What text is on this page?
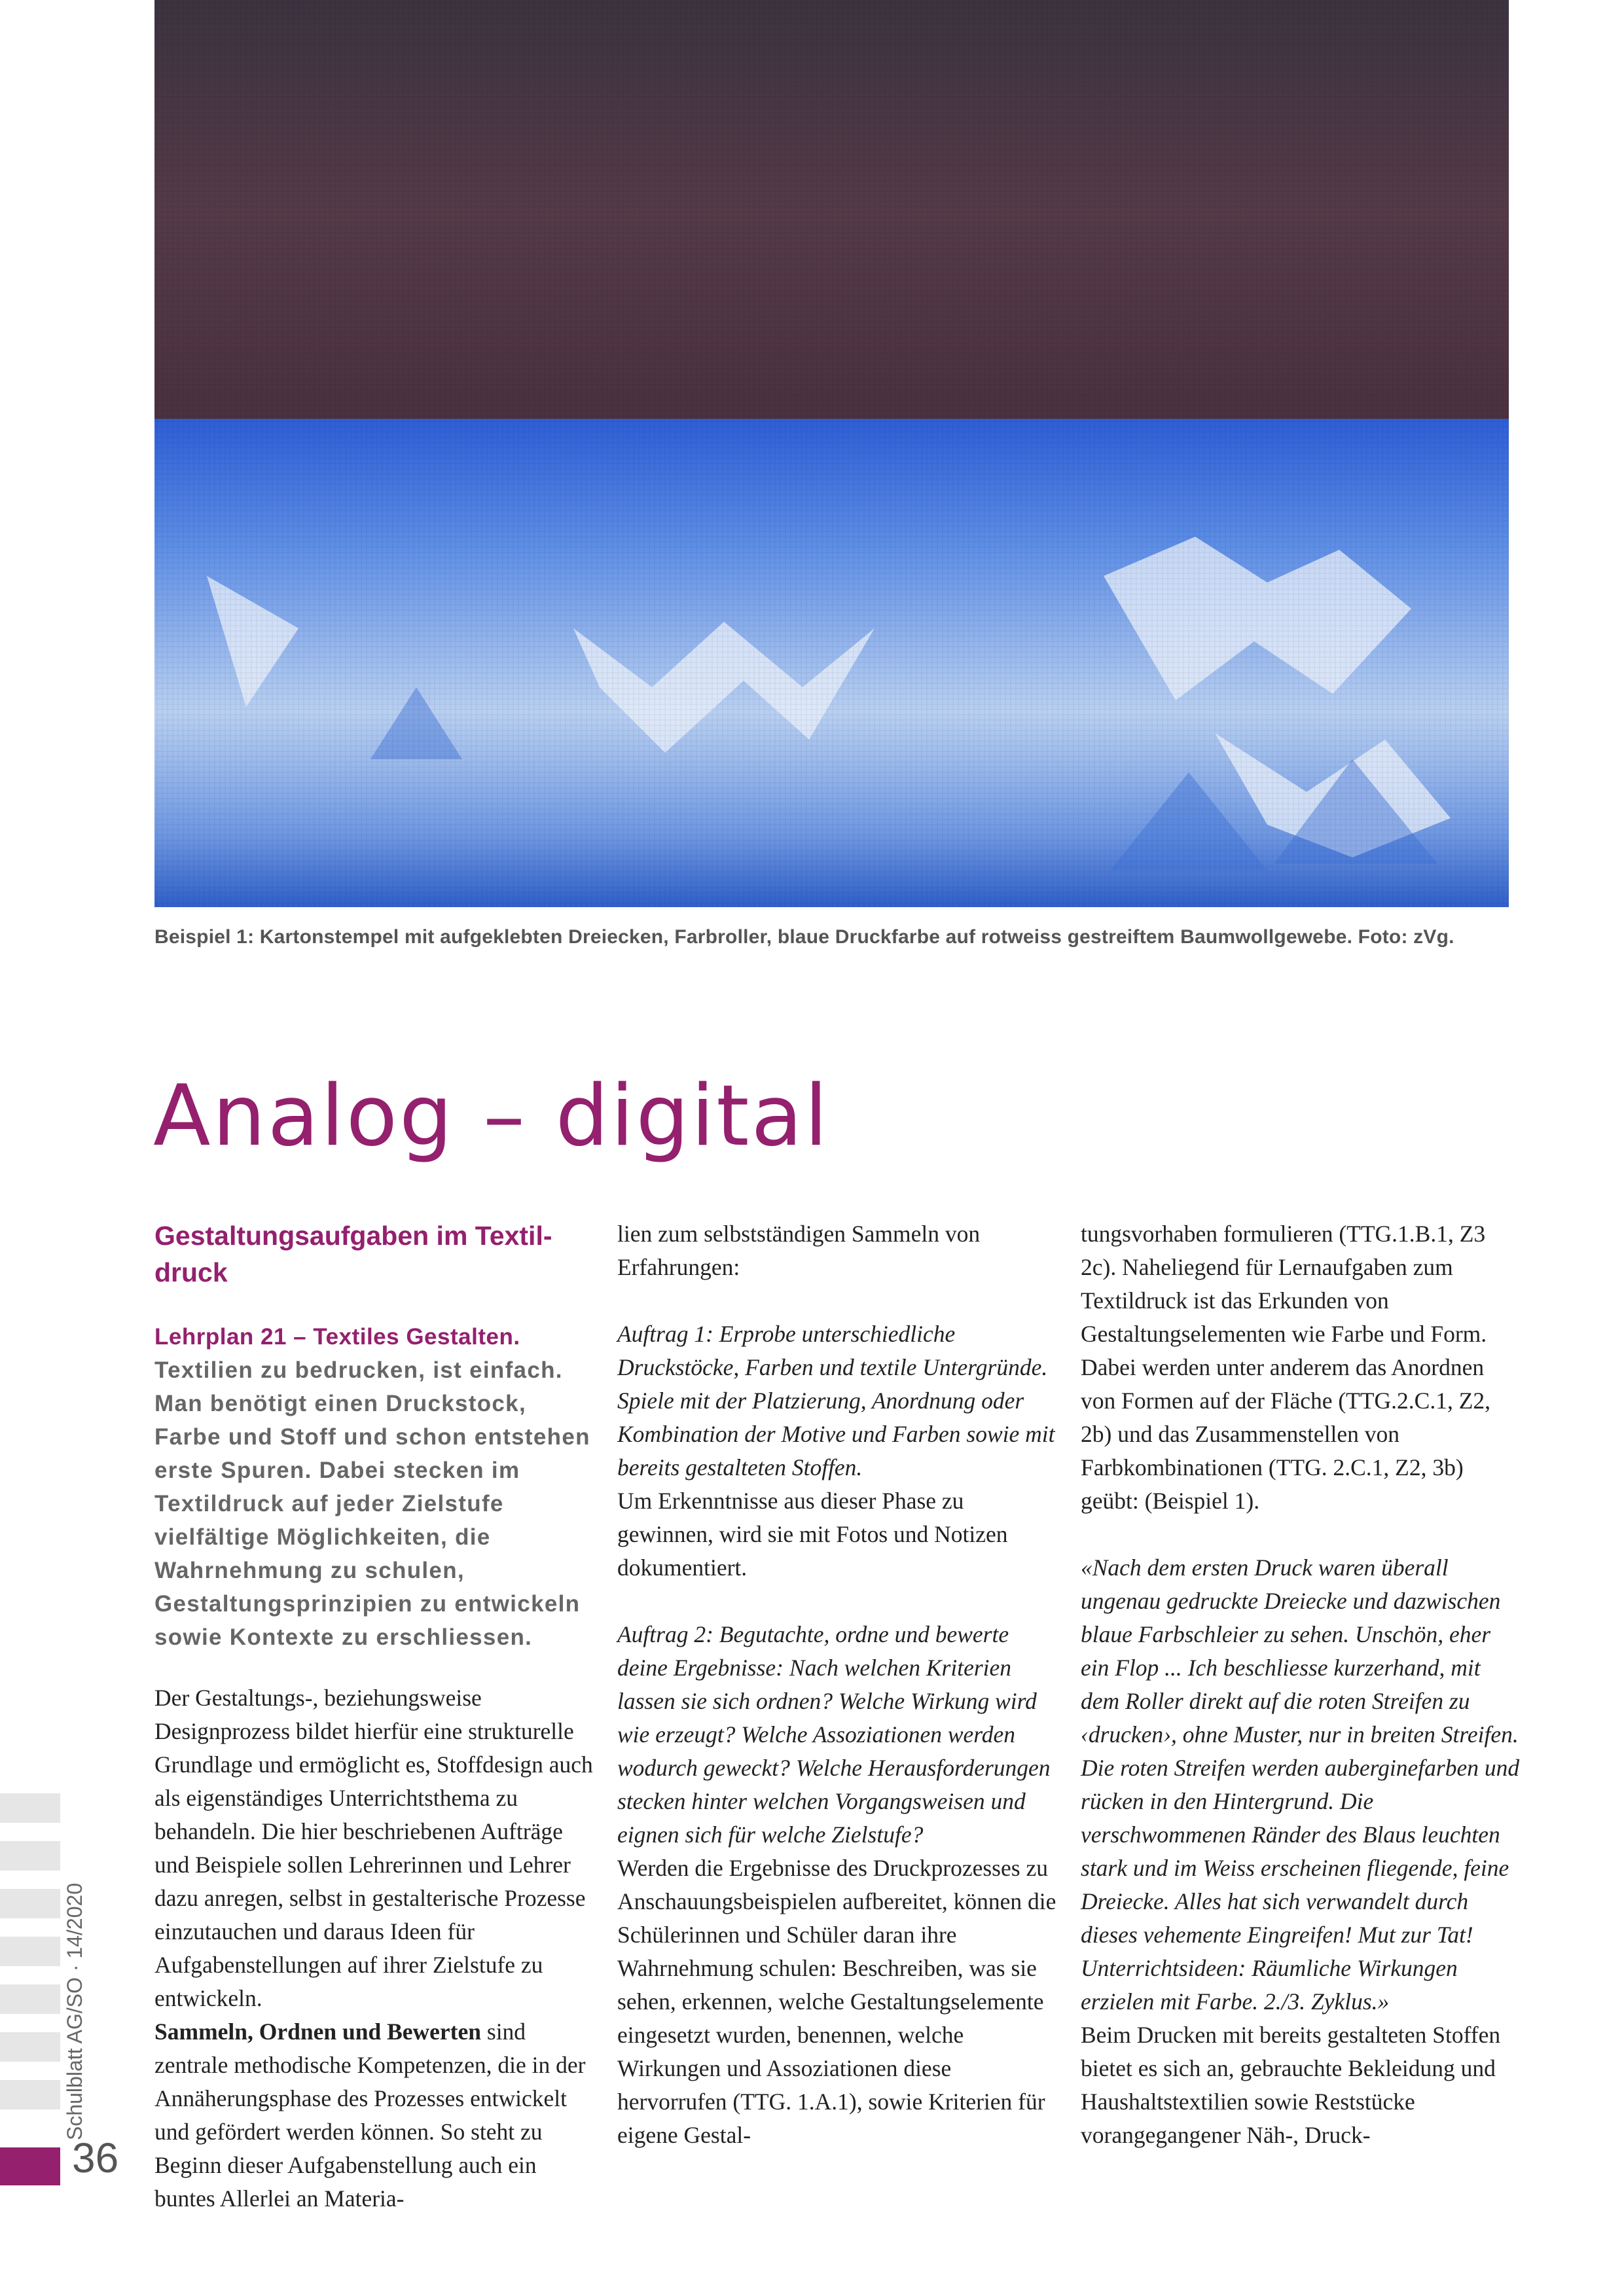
Beispiel 1: Kartonstempel mit aufgeklebten Dreiecken, Farbroller, blaue Druckfarbe auf rotweiss gestreiftem Baumwollgewebe. Foto: zVg.
Analog – digital
Gestaltungsaufgaben im Textil-druck
Lehrplan 21 – Textiles Gestalten. Textilien zu bedrucken, ist einfach. Man benötigt einen Druckstock, Farbe und Stoff und schon entstehen erste Spuren. Dabei stecken im Textildruck auf jeder Zielstufe vielfältige Möglichkeiten, die Wahrnehmung zu schulen, Gestaltungsprinzipien zu entwickeln sowie Kontexte zu erschliessen.

Der Gestaltungs-, beziehungsweise Designprozess bildet hierfür eine strukturelle Grundlage und ermöglicht es, Stoffdesign auch als eigenständiges Unterrichtsthema zu behandeln. Die hier beschriebenen Aufträge und Beispiele sollen Lehrerinnen und Lehrer dazu anregen, selbst in gestalterische Prozesse einzutauchen und daraus Ideen für Aufgabenstellungen auf ihrer Zielstufe zu entwickeln.

Sammeln, Ordnen und Bewerten sind zentrale methodische Kompetenzen, die in der Annäherungsphase des Prozesses entwickelt und gefördert werden können. So steht zu Beginn dieser Aufgabenstellung auch ein buntes Allerlei an Materia-

lien zum selbstständigen Sammeln von Erfahrungen:

Auftrag 1: Erprobe unterschiedliche Druckstöcke, Farben und textile Untergründe. Spiele mit der Platzierung, Anordnung oder Kombination der Motive und Farben sowie mit bereits gestalteten Stoffen.

Um Erkenntnisse aus dieser Phase zu gewinnen, wird sie mit Fotos und Notizen dokumentiert.

Auftrag 2: Begutachte, ordne und bewerte deine Ergebnisse: Nach welchen Kriterien lassen sie sich ordnen? Welche Wirkung wird wie erzeugt? Welche Assoziationen werden wodurch geweckt? Welche Herausforderungen stecken hinter welchen Vorgangsweisen und eignen sich für welche Zielstufe?

Werden die Ergebnisse des Druckprozesses zu Anschauungsbeispielen aufbereitet, können die Schülerinnen und Schüler daran ihre Wahrnehmung schulen: Beschreiben, was sie sehen, erkennen, welche Gestaltungselemente eingesetzt wurden, benennen, welche Wirkungen und Assoziationen diese hervorrufen (TTG. 1.A.1), sowie Kriterien für eigene Gestal-

tungsvorhaben formulieren (TTG.1.B.1, Z3 2c). Naheliegend für Lernaufgaben zum Textildruck ist das Erkunden von Gestaltungselementen wie Farbe und Form. Dabei werden unter anderem das Anordnen von Formen auf der Fläche (TTG.2.C.1, Z2, 2b) und das Zusammenstellen von Farbkombinationen (TTG. 2.C.1, Z2, 3b) geübt: (Beispiel 1).

«Nach dem ersten Druck waren überall ungenau gedruckte Dreiecke und dazwischen blaue Farbschleier zu sehen. Unschön, eher ein Flop ... Ich beschliesse kurzerhand, mit dem Roller direkt auf die roten Streifen zu ‹drucken›, ohne Muster, nur in breiten Streifen. Die roten Streifen werden auberginefarben und rücken in den Hintergrund. Die verschwommenen Ränder des Blaus leuchten stark und im Weiss erscheinen fliegende, feine Dreiecke. Alles hat sich verwandelt durch dieses vehemente Eingreifen! Mut zur Tat! Unterrichtsideen: Räumliche Wirkungen erzielen mit Farbe. 2./3. Zyklus.»

Beim Drucken mit bereits gestalteten Stoffen bietet es sich an, gebrauchte Bekleidung und Haushaltstextilien sowie Reststücke vorangegangener Näh-, Druck-

Schulblatt AG/SO · 14/2020
36
